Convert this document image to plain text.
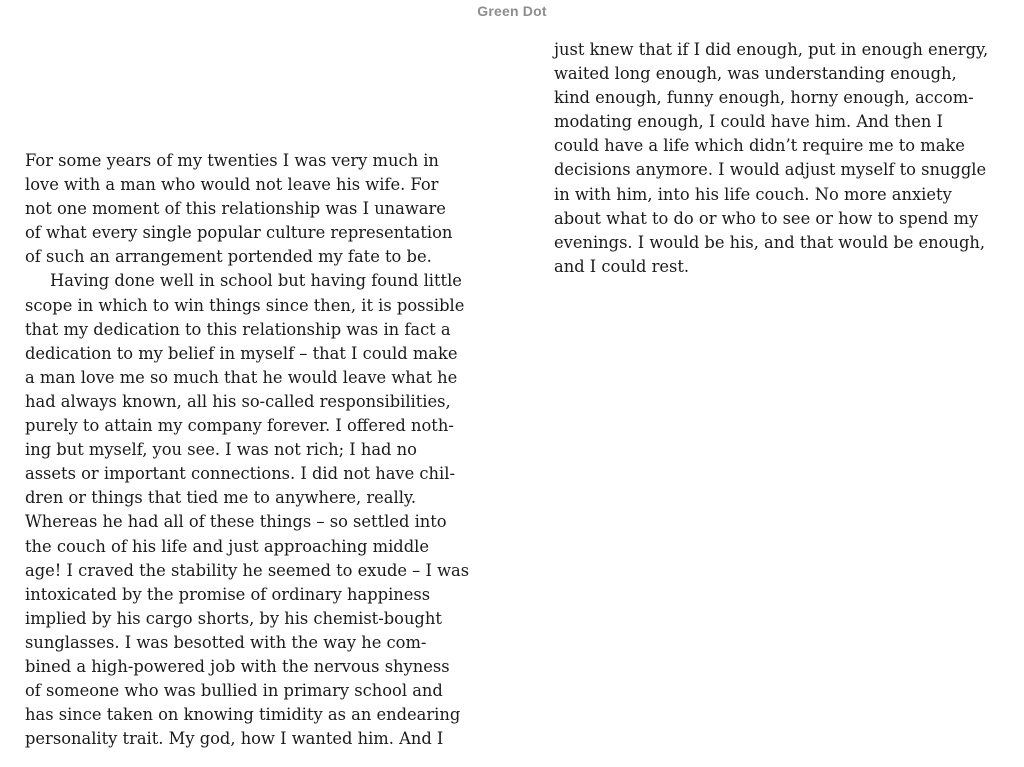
Green Dot
For some years of my twenties I was very much in
love with a man who would not leave his wife. For
not one moment of this relationship was I unaware
of what every single popular culture representation
of such an arrangement portended my fate to be.
Having done well in school but having found little
scope in which to win things since then, it is possible
that my dedication to this relationship was in fact a
dedication to my belief in myself – that I could make
a man love me so much that he would leave what he
had always known, all his so-called responsibilities,
purely to attain my company forever. I offered noth-
ing but myself, you see. I was not rich; I had no
assets or important connections. I did not have chil-
dren or things that tied me to anywhere, really.
Whereas he had all of these things – so settled into
the couch of his life and just approaching middle
age! I craved the stability he seemed to exude – I was
intoxicated by the promise of ordinary happiness
implied by his cargo shorts, by his chemist-bought
sunglasses. I was besotted with the way he com-
bined a high-powered job with the nervous shyness
of someone who was bullied in primary school and
has since taken on knowing timidity as an endearing
personality trait. My god, how I wanted him. And I
just knew that if I did enough, put in enough energy,
waited long enough, was understanding enough,
kind enough, funny enough, horny enough, accom-
modating enough, I could have him. And then I
could have a life which didn’t require me to make
decisions anymore. I would adjust myself to snuggle
in with him, into his life couch. No more anxiety
about what to do or who to see or how to spend my
evenings. I would be his, and that would be enough,
and I could rest.
